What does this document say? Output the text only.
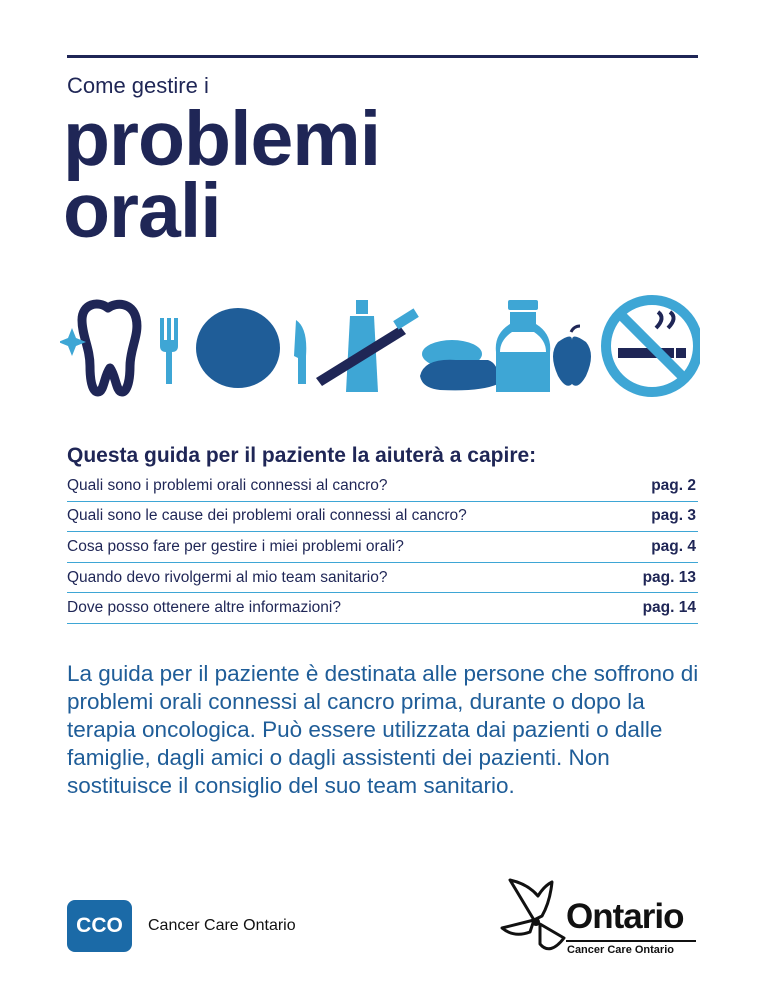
Come gestire i
problemi
orali
Questa guida per il paziente la aiuterà a capire:
Quali sono i problemi orali connessi al cancro?	pag. 2
Quali sono le cause dei problemi orali connessi al cancro?	pag. 3
Cosa posso fare per gestire i miei problemi orali?	pag. 4
Quando devo rivolgermi al mio team sanitario?	pag. 13
Dove posso ottenere altre informazioni?	pag. 14
La guida per il paziente è destinata alle persone che soffrono di problemi orali connessi al cancro prima, durante o dopo la terapia oncologica. Può essere utilizzata dai pazienti o dalle famiglie, dagli amici o dagli assistenti dei pazienti. Non sostituisce il consiglio del suo team sanitario.
CCO	Cancer Care Ontario	Ontario
Cancer Care Ontario
